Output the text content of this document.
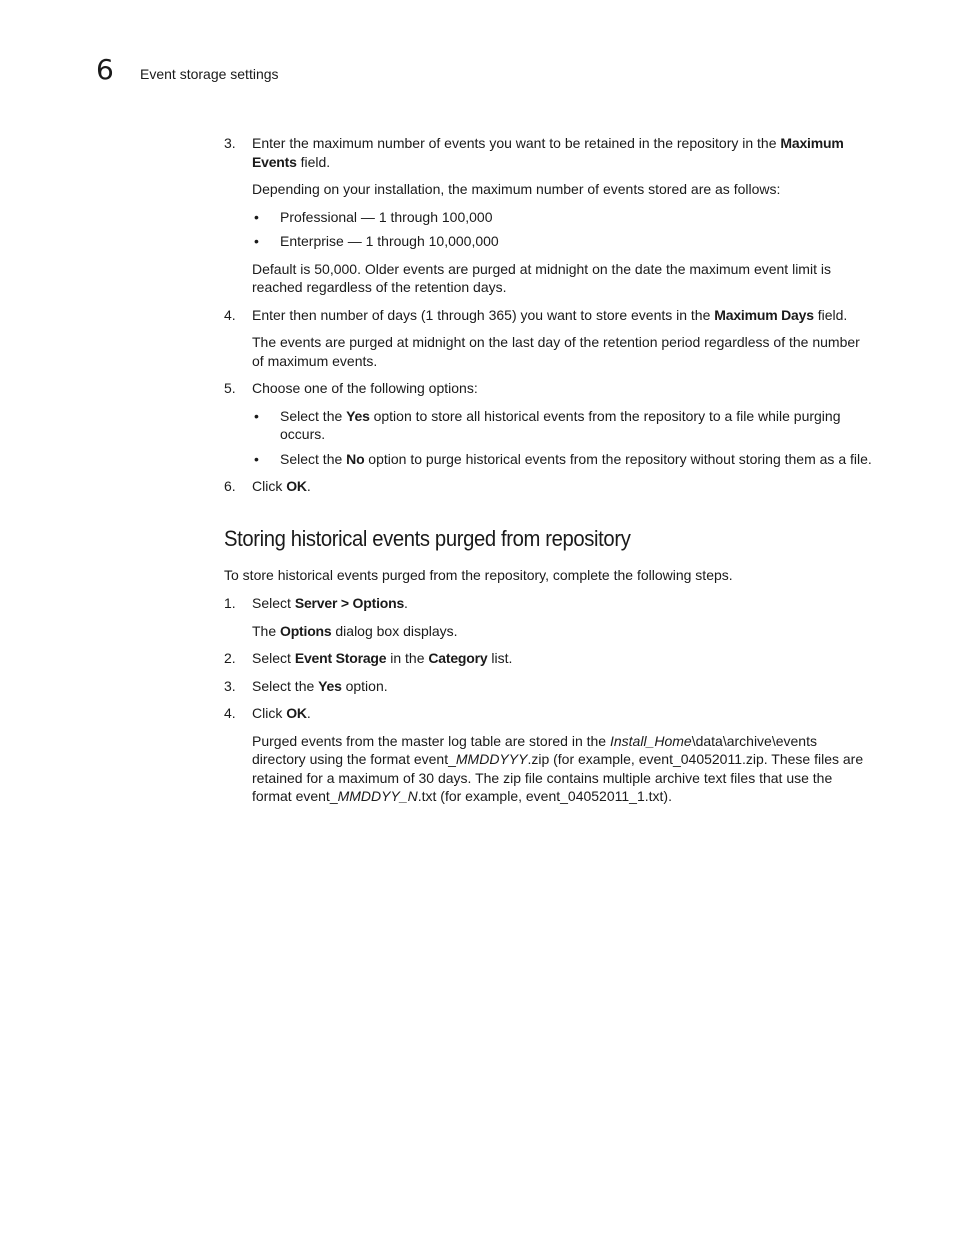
6 Event storage settings
3. Enter the maximum number of events you want to be retained in the repository in the Maximum Events field.

Depending on your installation, the maximum number of events stored are as follows:

• Professional — 1 through 100,000
• Enterprise — 1 through 10,000,000

Default is 50,000. Older events are purged at midnight on the date the maximum event limit is reached regardless of the retention days.

4. Enter then number of days (1 through 365) you want to store events in the Maximum Days field.

The events are purged at midnight on the last day of the retention period regardless of the number of maximum events.

5. Choose one of the following options:

• Select the Yes option to store all historical events from the repository to a file while purging occurs.
• Select the No option to purge historical events from the repository without storing them as a file.
6. Click OK.

Storing historical events purged from repository

To store historical events purged from the repository, complete the following steps.

1. Select Server > Options.

The Options dialog box displays.

2. Select Event Storage in the Category list.

3. Select the Yes option.

4. Click OK.

Purged events from the master log table are stored in the Install_Home\data\archive\events directory using the format event_MMDDYYY.zip (for example, event_04052011.zip. These files are retained for a maximum of 30 days. The zip file contains multiple archive text files that use the format event_MMDDYY_N.txt (for example, event_04052011_1.txt).
